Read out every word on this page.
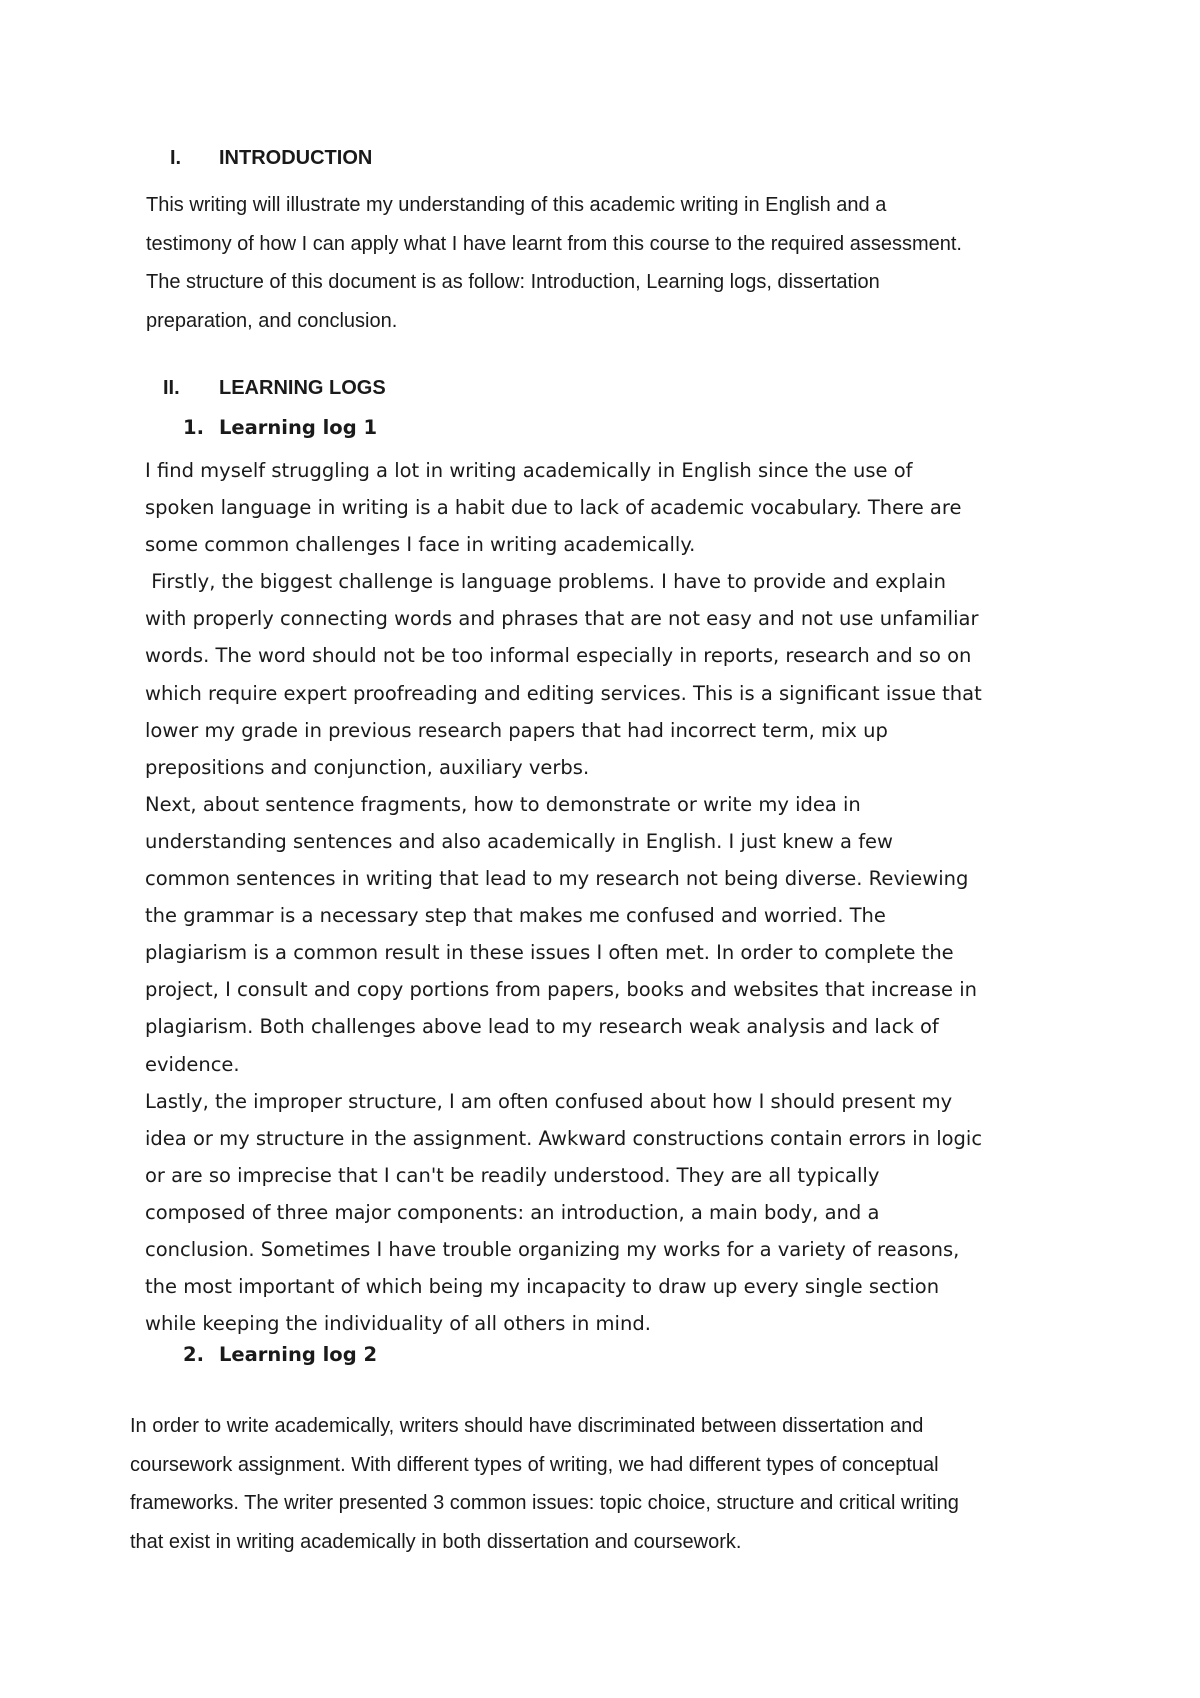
I. INTRODUCTION
This writing will illustrate my understanding of this academic writing in English and a
testimony of how I can apply what I have learnt from this course to the required assessment.
The structure of this document is as follow: Introduction, Learning logs, dissertation
preparation, and conclusion.
II. LEARNING LOGS
1. Learning log 1
I find myself struggling a lot in writing academically in English since the use of
spoken language in writing is a habit due to lack of academic vocabulary. There are
some common challenges I face in writing academically.
Firstly, the biggest challenge is language problems. I have to provide and explain
with properly connecting words and phrases that are not easy and not use unfamiliar
words. The word should not be too informal especially in reports, research and so on
which require expert proofreading and editing services. This is a significant issue that
lower my grade in previous research papers that had incorrect term, mix up
prepositions and conjunction, auxiliary verbs.
Next, about sentence fragments, how to demonstrate or write my idea in
understanding sentences and also academically in English. I just knew a few
common sentences in writing that lead to my research not being diverse. Reviewing
the grammar is a necessary step that makes me confused and worried. The
plagiarism is a common result in these issues I often met. In order to complete the
project, I consult and copy portions from papers, books and websites that increase in
plagiarism. Both challenges above lead to my research weak analysis and lack of
evidence.
Lastly, the improper structure, I am often confused about how I should present my
idea or my structure in the assignment. Awkward constructions contain errors in logic
or are so imprecise that I can't be readily understood. They are all typically
composed of three major components: an introduction, a main body, and a
conclusion. Sometimes I have trouble organizing my works for a variety of reasons,
the most important of which being my incapacity to draw up every single section
while keeping the individuality of all others in mind.
2. Learning log 2
In order to write academically, writers should have discriminated between dissertation and
coursework assignment. With different types of writing, we had different types of conceptual
frameworks. The writer presented 3 common issues: topic choice, structure and critical writing
that exist in writing academically in both dissertation and coursework.
